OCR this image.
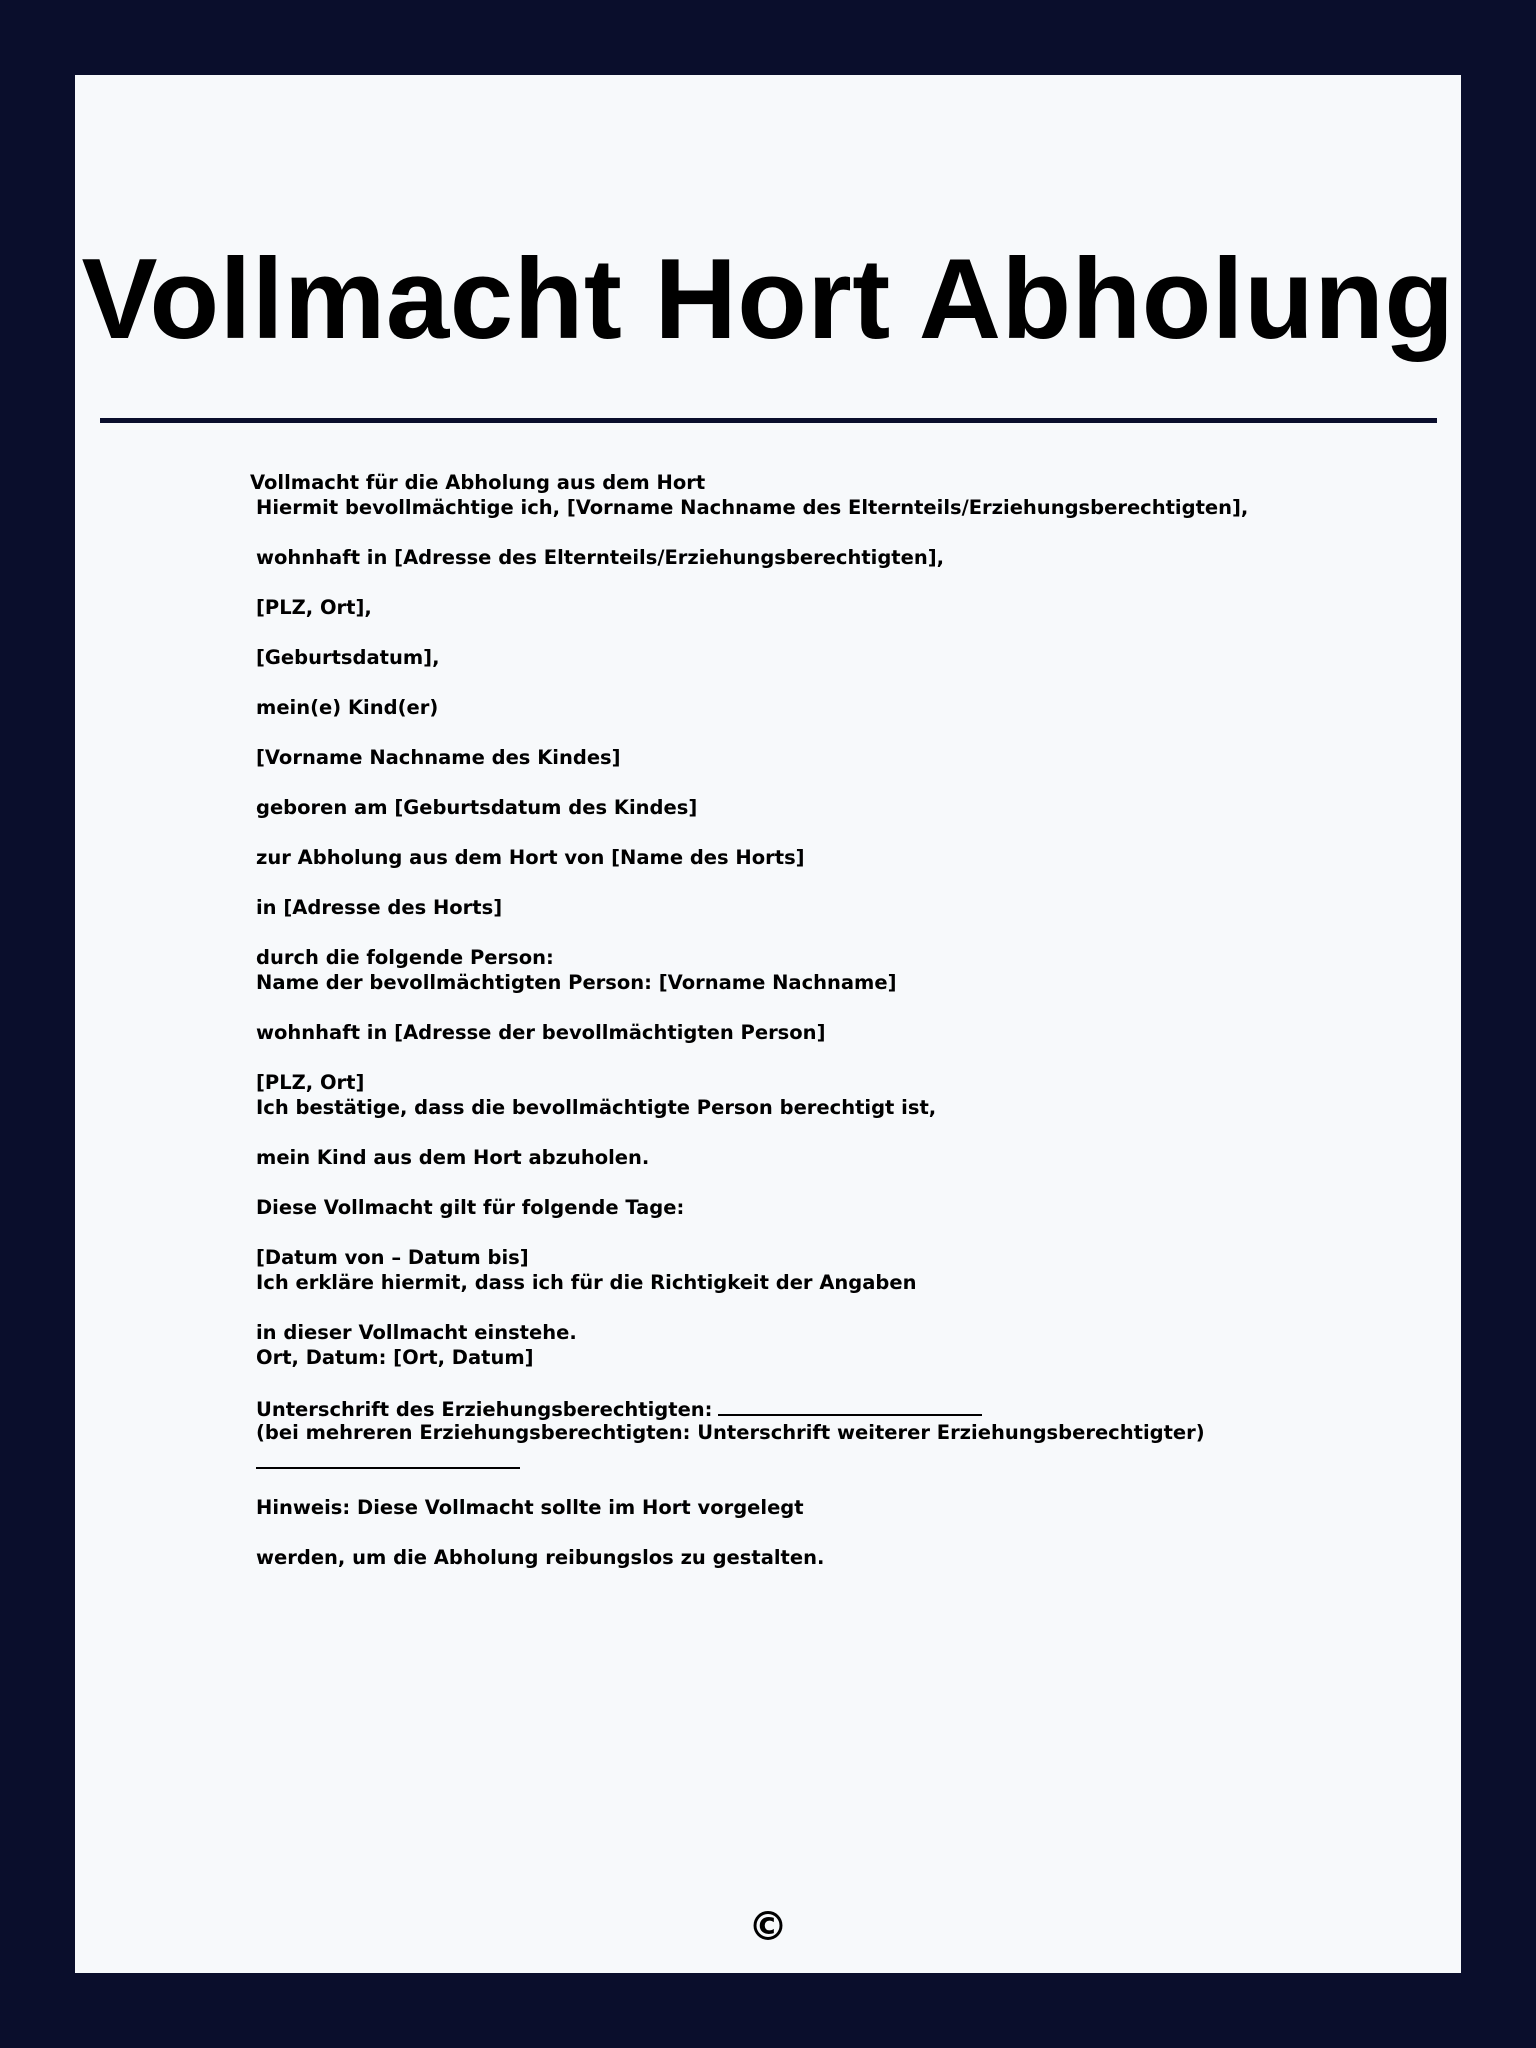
Vollmacht Hort Abholung
Vollmacht für die Abholung aus dem Hort
Hiermit bevollmächtige ich, [Vorname Nachname des Elternteils/Erziehungsberechtigten],
wohnhaft in [Adresse des Elternteils/Erziehungsberechtigten],
[PLZ, Ort],
[Geburtsdatum],
mein(e) Kind(er)
[Vorname Nachname des Kindes]
geboren am [Geburtsdatum des Kindes]
zur Abholung aus dem Hort von [Name des Horts]
in [Adresse des Horts]
durch die folgende Person:
Name der bevollmächtigten Person: [Vorname Nachname]
wohnhaft in [Adresse der bevollmächtigten Person]
[PLZ, Ort]
Ich bestätige, dass die bevollmächtigte Person berechtigt ist,
mein Kind aus dem Hort abzuholen.
Diese Vollmacht gilt für folgende Tage:
[Datum von – Datum bis]
Ich erkläre hiermit, dass ich für die Richtigkeit der Angaben
in dieser Vollmacht einstehe.
Ort, Datum: [Ort, Datum]
Unterschrift des Erziehungsberechtigten:
(bei mehreren Erziehungsberechtigten: Unterschrift weiterer Erziehungsberechtigter)
Hinweis: Diese Vollmacht sollte im Hort vorgelegt
werden, um die Abholung reibungslos zu gestalten.
©
